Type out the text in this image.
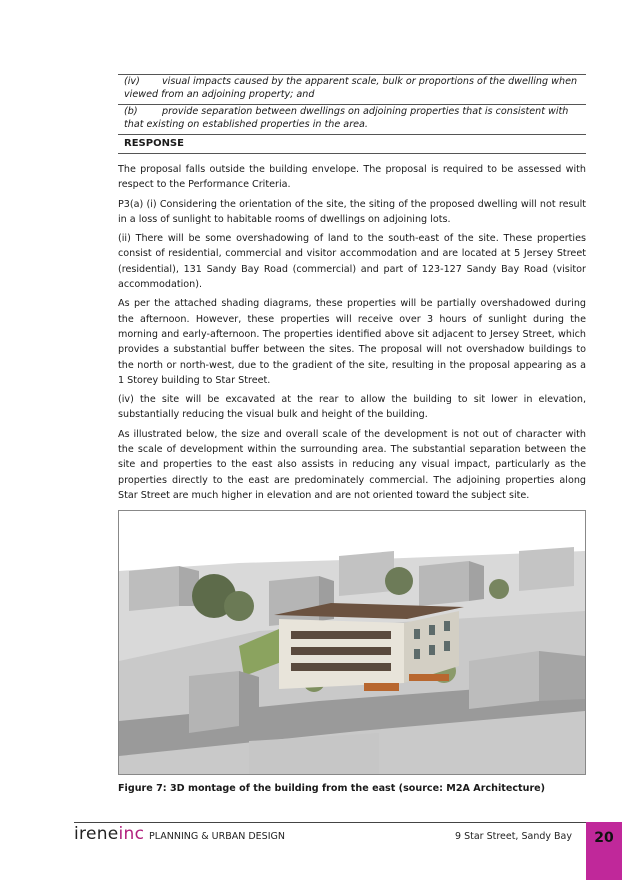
(iv) visual impacts caused by the apparent scale, bulk or proportions of the dwelling when viewed from an adjoining property; and
(b)	provide separation between dwellings on adjoining properties that is consistent with that existing on established properties in the area.
RESPONSE

The proposal falls outside the building envelope. The proposal is required to be assessed with respect to the Performance Criteria.

P3(a) (i) Considering the orientation of the site, the siting of the proposed dwelling will not result in a loss of sunlight to habitable rooms of dwellings on adjoining lots.

(ii) There will be some overshadowing of land to the south-east of the site. These properties consist of residential, commercial and visitor accommodation and are located at 5 Jersey Street (residential), 131 Sandy Bay Road (commercial) and part of 123-127 Sandy Bay Road (visitor accommodation).

As per the attached shading diagrams, these properties will be partially overshadowed during the afternoon. However, these properties will receive over 3 hours of sunlight during the morning and early-afternoon. The properties identified above sit adjacent to Jersey Street, which provides a substantial buffer between the sites. The proposal will not overshadow buildings to the north or north-west, due to the gradient of the site, resulting in the proposal appearing as a 1 Storey building to Star Street.

(iv) the site will be excavated at the rear to allow the building to sit lower in elevation, substantially reducing the visual bulk and height of the building.

As illustrated below, the size and overall scale of the development is not out of character with the scale of development within the surrounding area. The substantial separation between the site and properties to the east also assists in reducing any visual impact, particularly as the properties directly to the east are predominately commercial. The adjoining properties along Star Street are much higher in elevation and are not oriented toward the subject site.

Figure 7: 3D montage of the building from the east (source: M2A Architecture)
ireneinc PLANNING & URBAN DESIGN	9 Star Street, Sandy Bay	20
